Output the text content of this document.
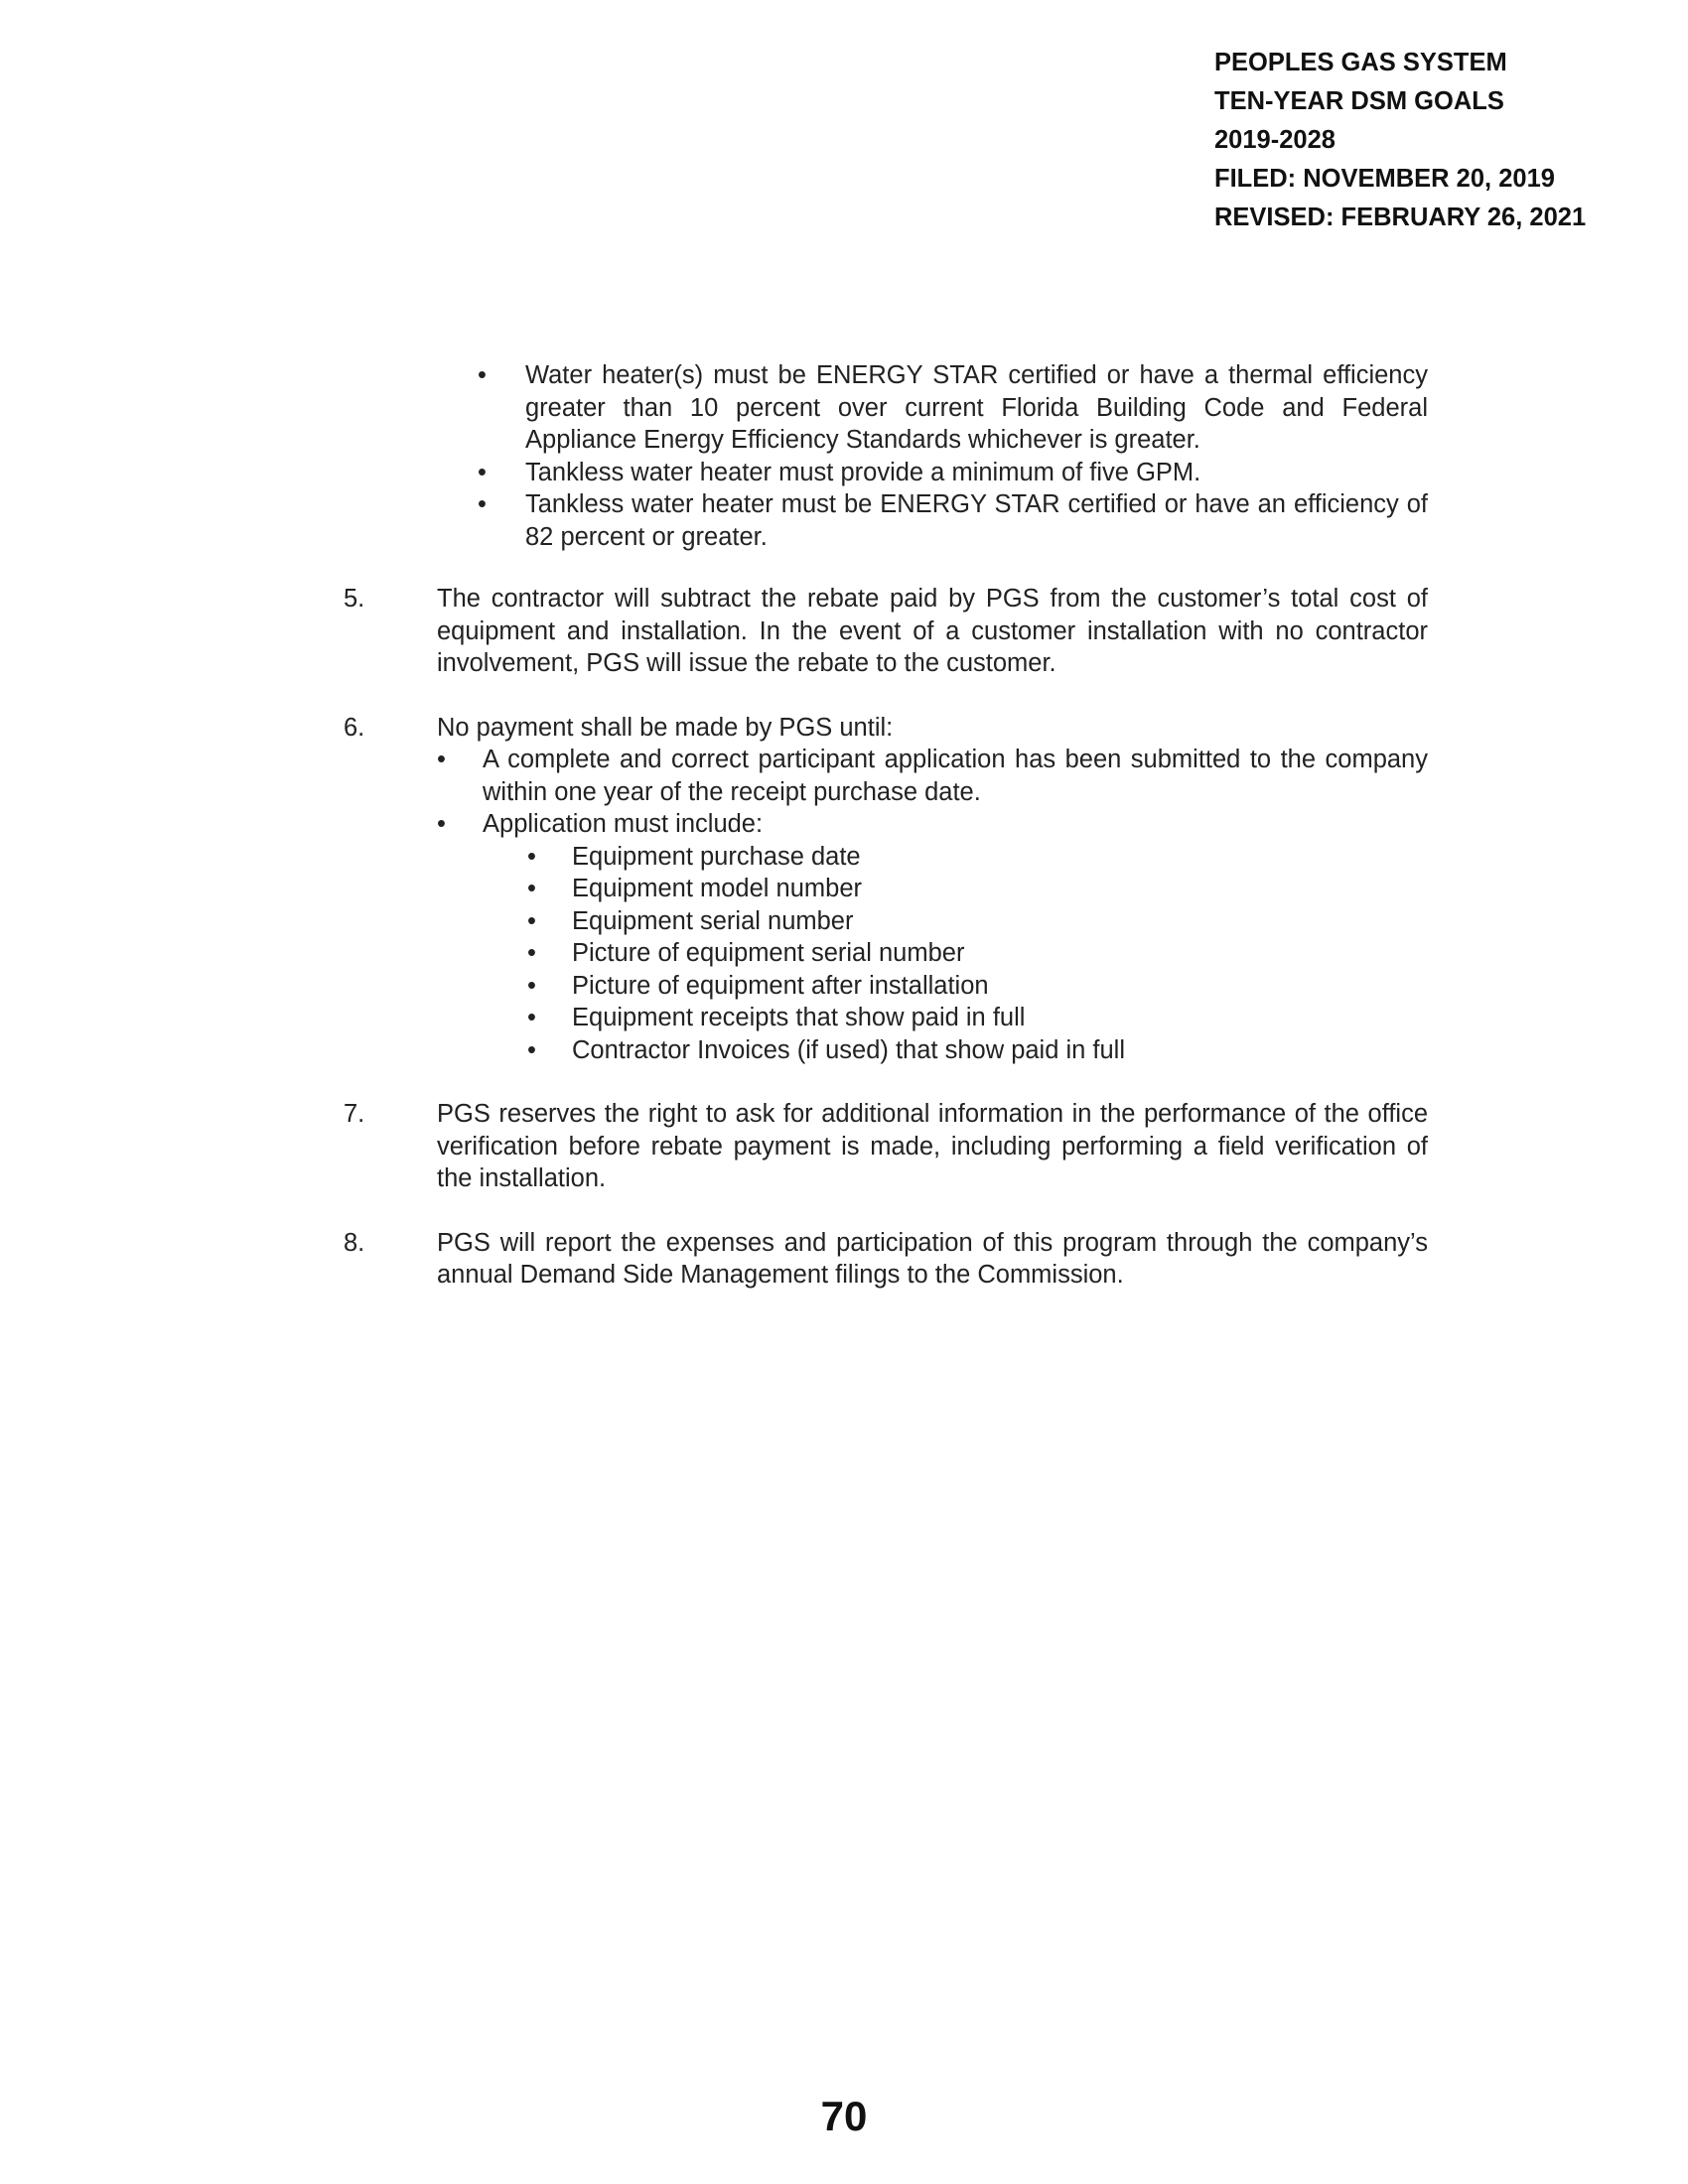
PEOPLES GAS SYSTEM
TEN-YEAR DSM GOALS
2019-2028
FILED: NOVEMBER 20, 2019
REVISED: FEBRUARY 26, 2021
• Water heater(s) must be ENERGY STAR certified or have a thermal efficiency greater than 10 percent over current Florida Building Code and Federal Appliance Energy Efficiency Standards whichever is greater.
• Tankless water heater must provide a minimum of five GPM.
• Tankless water heater must be ENERGY STAR certified or have an efficiency of 82 percent or greater.
5.	The contractor will subtract the rebate paid by PGS from the customer’s total cost of equipment and installation. In the event of a customer installation with no contractor involvement, PGS will issue the rebate to the customer.
6.	No payment shall be made by PGS until:
• A complete and correct participant application has been submitted to the company within one year of the receipt purchase date.
• Application must include:
• Equipment purchase date
• Equipment model number
• Equipment serial number
• Picture of equipment serial number
• Picture of equipment after installation
• Equipment receipts that show paid in full
• Contractor Invoices (if used) that show paid in full
7.	PGS reserves the right to ask for additional information in the performance of the office verification before rebate payment is made, including performing a field verification of the installation.
8.	PGS will report the expenses and participation of this program through the company’s annual Demand Side Management filings to the Commission.
70
